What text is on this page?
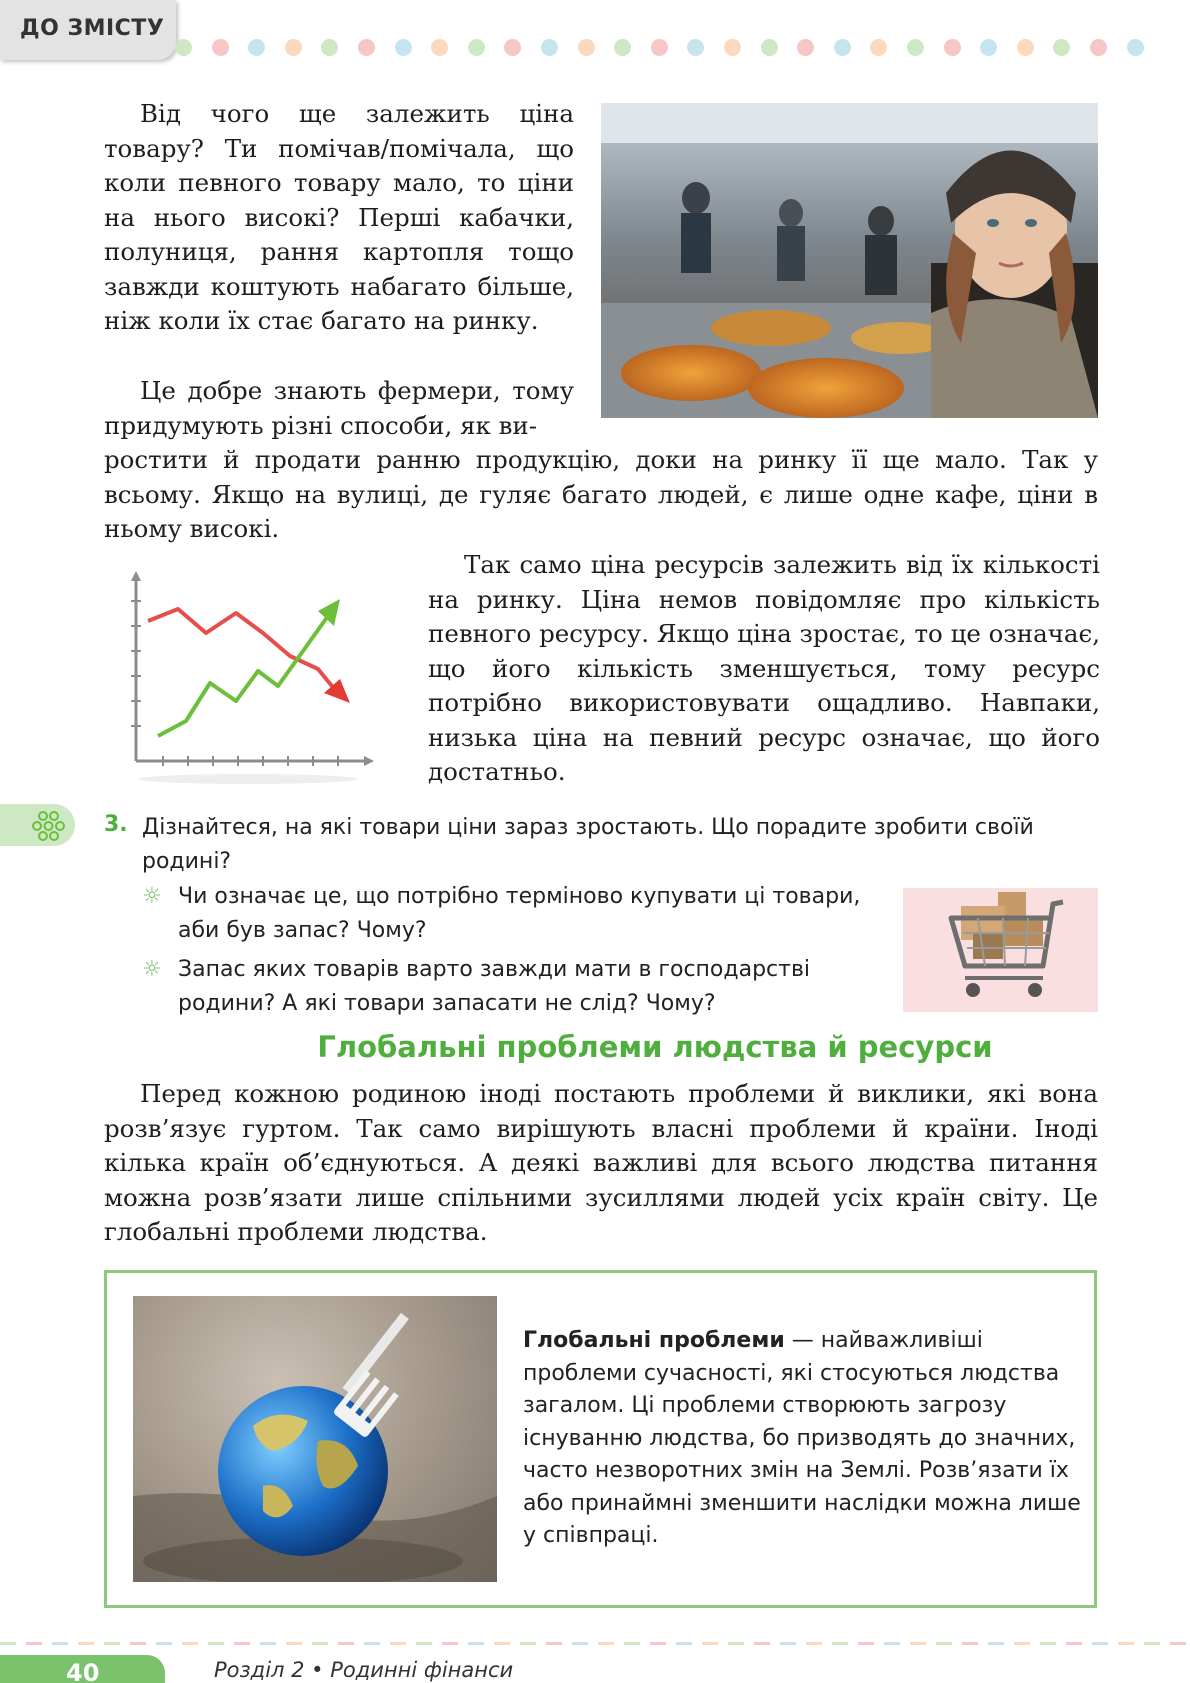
ДО ЗМІСТУ

Від чого ще залежить ціна товару? Ти помічав/помічала, що коли певного товару мало, то ціни на нього високі? Перші кабачки, полуниця, рання картопля тощо завжди коштують набагато більше, ніж коли їх стає багато на ринку.

Це добре знають фермери, тому придумують різні способи, як ви-

ростити й продати ранню продукцію, доки на ринку її ще мало. Так у всьому. Якщо на вулиці, де гуляє багато людей, є лише одне кафе, ціни в ньому високі.

Так само ціна ресурсів залежить від їх кількості на ринку. Ціна немов повідомляє про кількість певного ресурсу. Якщо ціна зростає, то це означає, що його кількість зменшується, тому ресурс потрібно використовувати ощадливо. Навпаки, низька ціна на певний ресурс означає, що його достатньо.

3. Дізнайтеся, на які товари ціни зараз зростають. Що порадите зробити своїй родині?

☼ Чи означає це, що потрібно терміново купувати ці товари, аби був запас? Чому?
☼ Запас яких товарів варто завжди мати в господарстві родини? А які товари запасати не слід? Чому?
Глобальні проблеми людства й ресурси

Перед кожною родиною іноді постають проблеми й виклики, які вона розв’язує гуртом. Так само вирішують власні проблеми й країни. Іноді кілька країн об’єднуються. А деякі важливі для всього людства питання можна розв’язати лише спільними зусиллями людей усіх країн світу. Це глобальні проблеми людства.

Глобальні проблеми — найважливіші проблеми сучасності, які стосуються людства загалом. Ці проблеми створюють загрозу існуванню людства, бо призводять до значних, часто незворотних змін на Землі. Розв’язати їх або принаймні зменшити наслідки можна лише у співпраці.

40	Розділ 2 • Родинні фінанси
